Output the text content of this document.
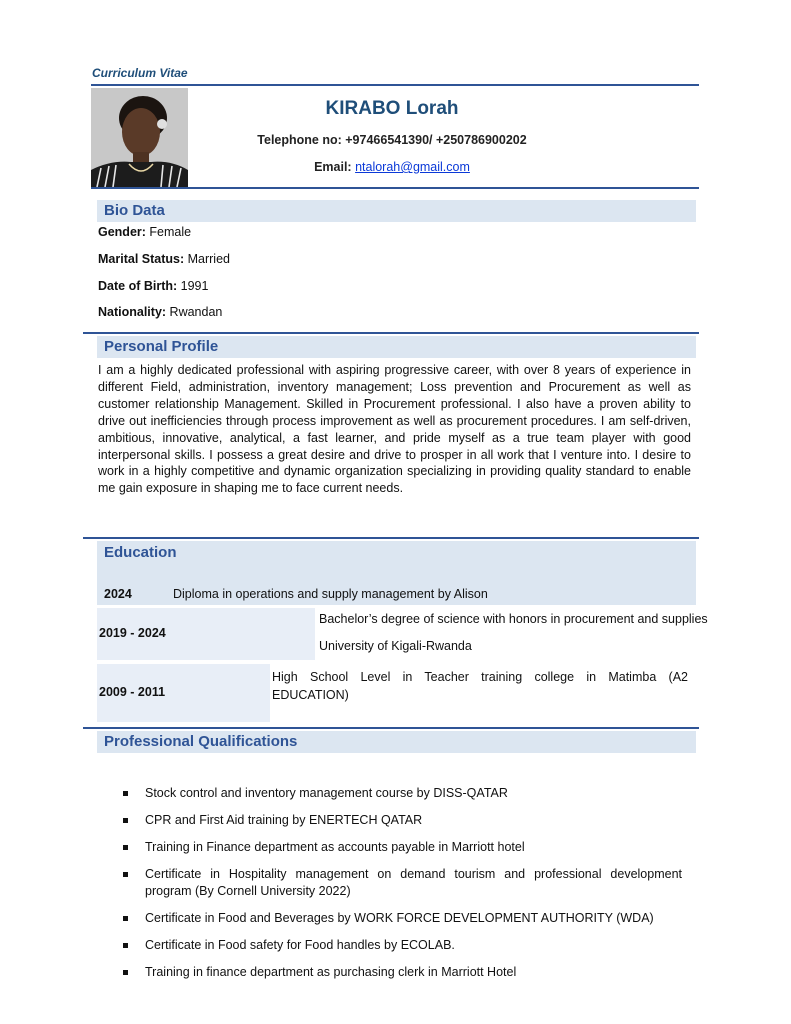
Curriculum Vitae
KIRABO Lorah
Telephone no: +97466541390/ +250786900202
Email: ntalorah@gmail.com
Bio Data
Gender: Female
Marital Status: Married
Date of Birth: 1991
Nationality: Rwandan
Personal Profile
I am a highly dedicated professional with aspiring progressive career, with over 8 years of experience in different Field, administration, inventory management; Loss prevention and Procurement as well as customer relationship Management. Skilled in Procurement professional. I also have a proven ability to drive out inefficiencies through process improvement as well as procurement procedures. I am self-driven, ambitious, innovative, analytical, a fast learner, and pride myself as a true team player with good interpersonal skills. I possess a great desire and drive to prosper in all work that I venture into. I desire to work in a highly competitive and dynamic organization specializing in providing quality standard to enable me gain exposure in shaping me to face current needs.
Education
2024	Diploma in operations and supply management by Alison
2019 - 2024
Bachelor’s degree of science with honors in procurement and supplies
University of Kigali-Rwanda
2009 - 2011
High School Level in Teacher training college in Matimba (A2 EDUCATION)
Professional Qualifications
Stock control and inventory management course by DISS-QATAR
CPR and First Aid training by ENERTECH QATAR
Training in Finance department as accounts payable in Marriott hotel
Certificate in Hospitality management on demand tourism and professional development program (By Cornell University 2022)
Certificate in Food and Beverages by WORK FORCE DEVELOPMENT AUTHORITY (WDA)
Certificate in Food safety for Food handles by ECOLAB.
Training in finance department as purchasing clerk in Marriott Hotel
